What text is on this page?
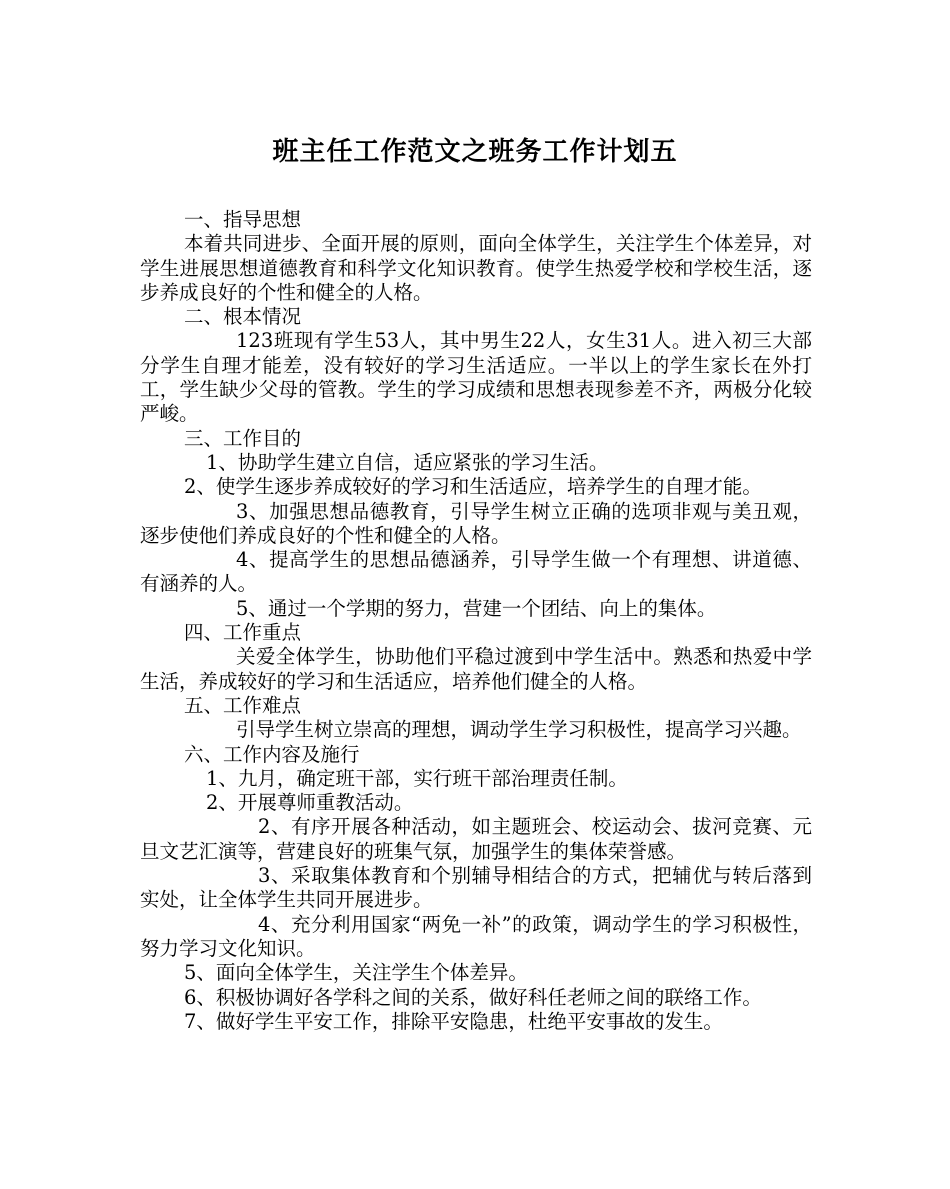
班主任工作范文之班务工作计划五

一、指导思想

本着共同进步、全面开展的原则，面向全体学生，关注学生个体差异，对学生进展思想道德教育和科学文化知识教育。使学生热爱学校和学校生活，逐步养成良好的个性和健全的人格。

二、根本情况

123班现有学生53人，其中男生22人，女生31人。进入初三大部分学生自理才能差，没有较好的学习生活适应。一半以上的学生家长在外打工，学生缺少父母的管教。学生的学习成绩和思想表现参差不齐，两极分化较严峻。

三、工作目的

1、协助学生建立自信，适应紧张的学习生活。

2、使学生逐步养成较好的学习和生活适应，培养学生的自理才能。

3、加强思想品德教育，引导学生树立正确的选项非观与美丑观，逐步使他们养成良好的个性和健全的人格。

4、提高学生的思想品德涵养，引导学生做一个有理想、讲道德、有涵养的人。

5、通过一个学期的努力，营建一个团结、向上的集体。

四、工作重点

关爱全体学生，协助他们平稳过渡到中学生活中。熟悉和热爱中学生活，养成较好的学习和生活适应，培养他们健全的人格。

五、工作难点

引导学生树立崇高的理想，调动学生学习积极性，提高学习兴趣。

六、工作内容及施行

1、九月，确定班干部，实行班干部治理责任制。

2、开展尊师重教活动。

2、有序开展各种活动，如主题班会、校运动会、拔河竞赛、元旦文艺汇演等，营建良好的班集气氛，加强学生的集体荣誉感。

3、采取集体教育和个别辅导相结合的方式，把辅优与转后落到实处，让全体学生共同开展进步。

4、充分利用国家“两免一补”的政策，调动学生的学习积极性，努力学习文化知识。

5、面向全体学生，关注学生个体差异。

6、积极协调好各学科之间的关系，做好科任老师之间的联络工作。

7、做好学生平安工作，排除平安隐患，杜绝平安事故的发生。
